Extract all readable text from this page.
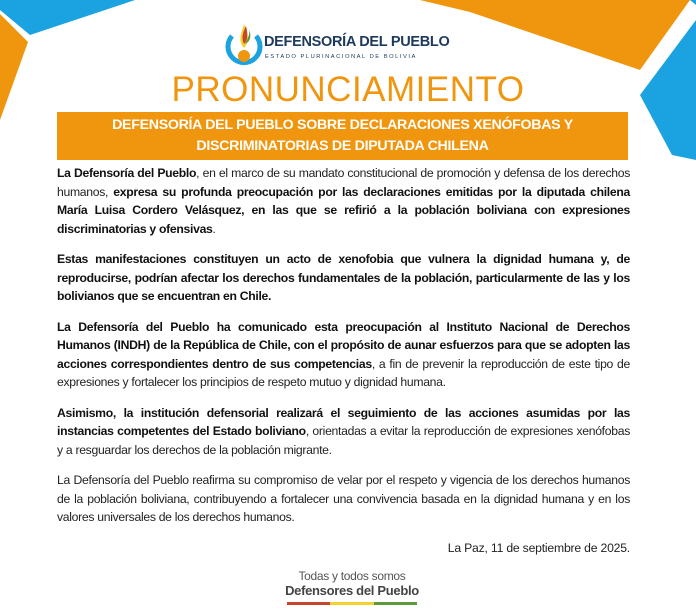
DEFENSORÍA DEL PUEBLO
ESTADO PLURINACIONAL DE BOLIVIA
PRONUNCIAMIENTO
DEFENSORÍA DEL PUEBLO SOBRE DECLARACIONES XENÓFOBAS Y
DISCRIMINATORIAS DE DIPUTADA CHILENA

La Defensoría del Pueblo, en el marco de su mandato constitucional de promoción y defensa de los derechos humanos, expresa su profunda preocupación por las declaraciones emitidas por la diputada chilena María Luisa Cordero Velásquez, en las que se refirió a la población boliviana con expresiones discriminatorias y ofensivas.

Estas manifestaciones constituyen un acto de xenofobia que vulnera la dignidad humana y, de reproducirse, podrían afectar los derechos fundamentales de la población, particularmente de las y los bolivianos que se encuentran en Chile.

La Defensoría del Pueblo ha comunicado esta preocupación al Instituto Nacional de Derechos Humanos (INDH) de la República de Chile, con el propósito de aunar esfuerzos para que se adopten las acciones correspondientes dentro de sus competencias, a fin de prevenir la reproducción de este tipo de expresiones y fortalecer los principios de respeto mutuo y dignidad humana.

Asimismo, la institución defensorial realizará el seguimiento de las acciones asumidas por las instancias competentes del Estado boliviano, orientadas a evitar la reproducción de expresiones xenófobas y a resguardar los derechos de la población migrante.

La Defensoría del Pueblo reafirma su compromiso de velar por el respeto y vigencia de los derechos humanos de la población boliviana, contribuyendo a fortalecer una convivencia basada en la dignidad humana y en los valores universales de los derechos humanos.

La Paz, 11 de septiembre de 2025.
Todas y todos somos
Defensores del Pueblo
